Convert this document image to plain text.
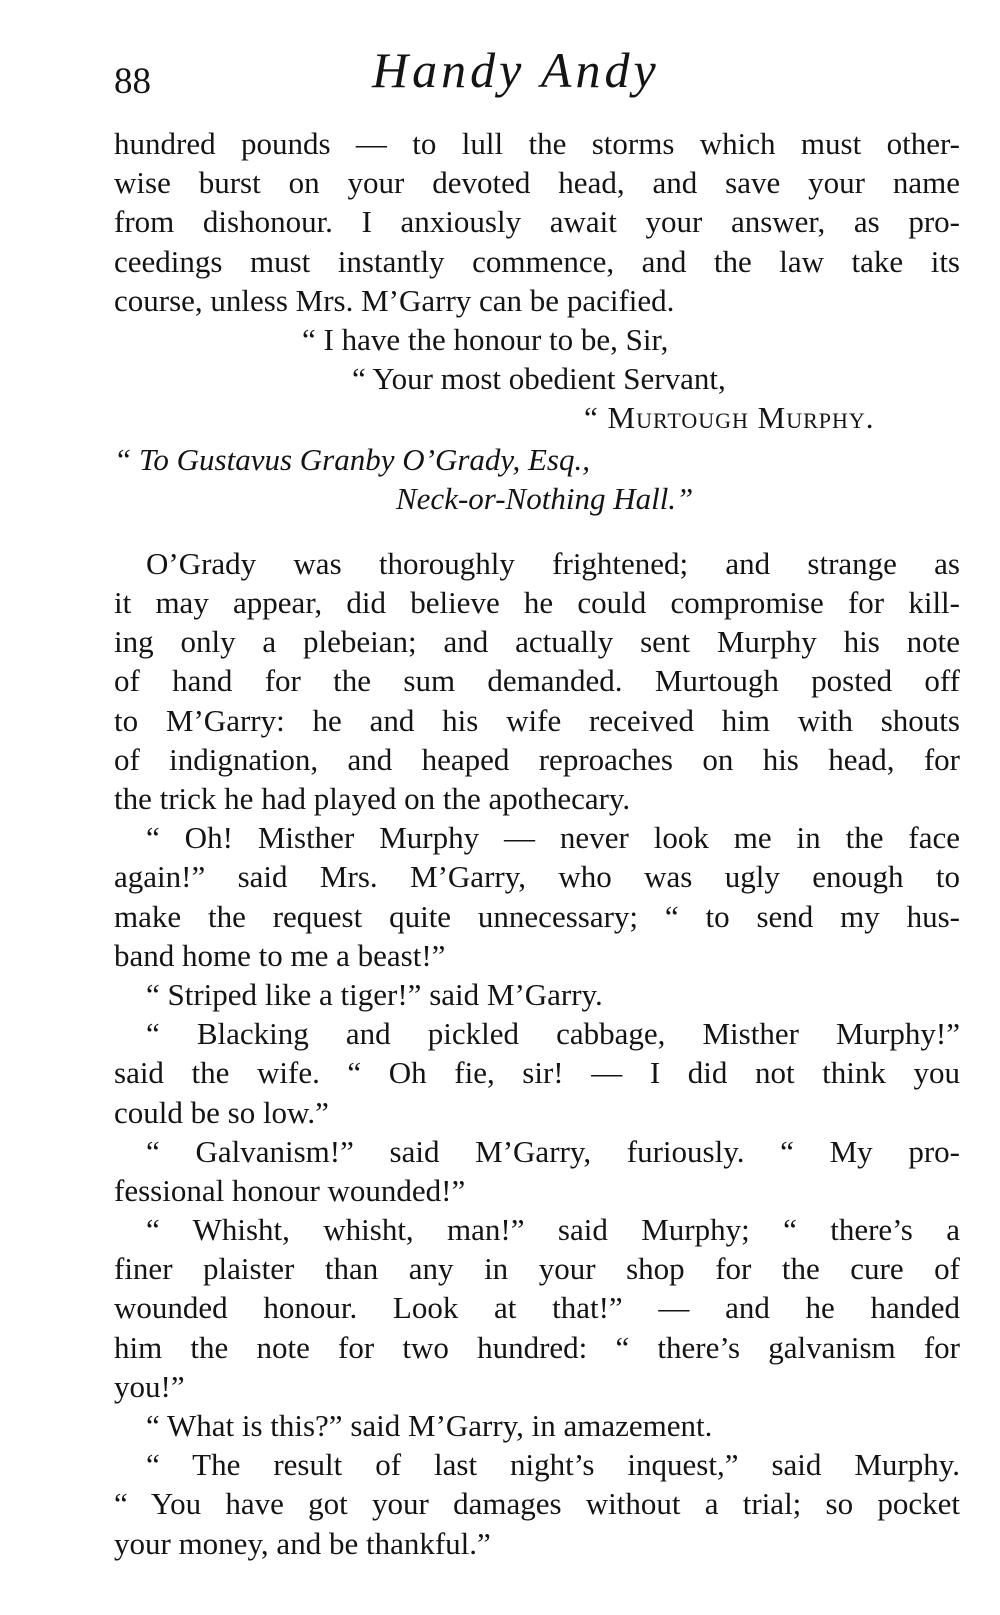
88	Handy Andy
hundred pounds — to lull the storms which must other-
wise burst on your devoted head, and save your name
from dishonour. I anxiously await your answer, as pro-
ceedings must instantly commence, and the law take its
course, unless Mrs. M’Garry can be pacified.
“ I have the honour to be, Sir,
“ Your most obedient Servant,
“ Murtough Murphy.
“ To Gustavus Granby O’Grady, Esq.,
Neck-or-Nothing Hall.”
O’Grady was thoroughly frightened; and strange as
it may appear, did believe he could compromise for kill-
ing only a plebeian; and actually sent Murphy his note
of hand for the sum demanded. Murtough posted off
to M’Garry: he and his wife received him with shouts
of indignation, and heaped reproaches on his head, for
the trick he had played on the apothecary.
“ Oh! Misther Murphy — never look me in the face
again!” said Mrs. M’Garry, who was ugly enough to
make the request quite unnecessary; “ to send my hus-
band home to me a beast!”
“ Striped like a tiger!” said M’Garry.
“ Blacking and pickled cabbage, Misther Murphy!”
said the wife. “ Oh fie, sir! — I did not think you
could be so low.”
“ Galvanism!” said M’Garry, furiously. “ My pro-
fessional honour wounded!”
“ Whisht, whisht, man!” said Murphy; “ there’s a
finer plaister than any in your shop for the cure of
wounded honour. Look at that!” — and he handed
him the note for two hundred: “ there’s galvanism for
you!”
“ What is this?” said M’Garry, in amazement.
“ The result of last night’s inquest,” said Murphy.
“ You have got your damages without a trial; so pocket
your money, and be thankful.”
